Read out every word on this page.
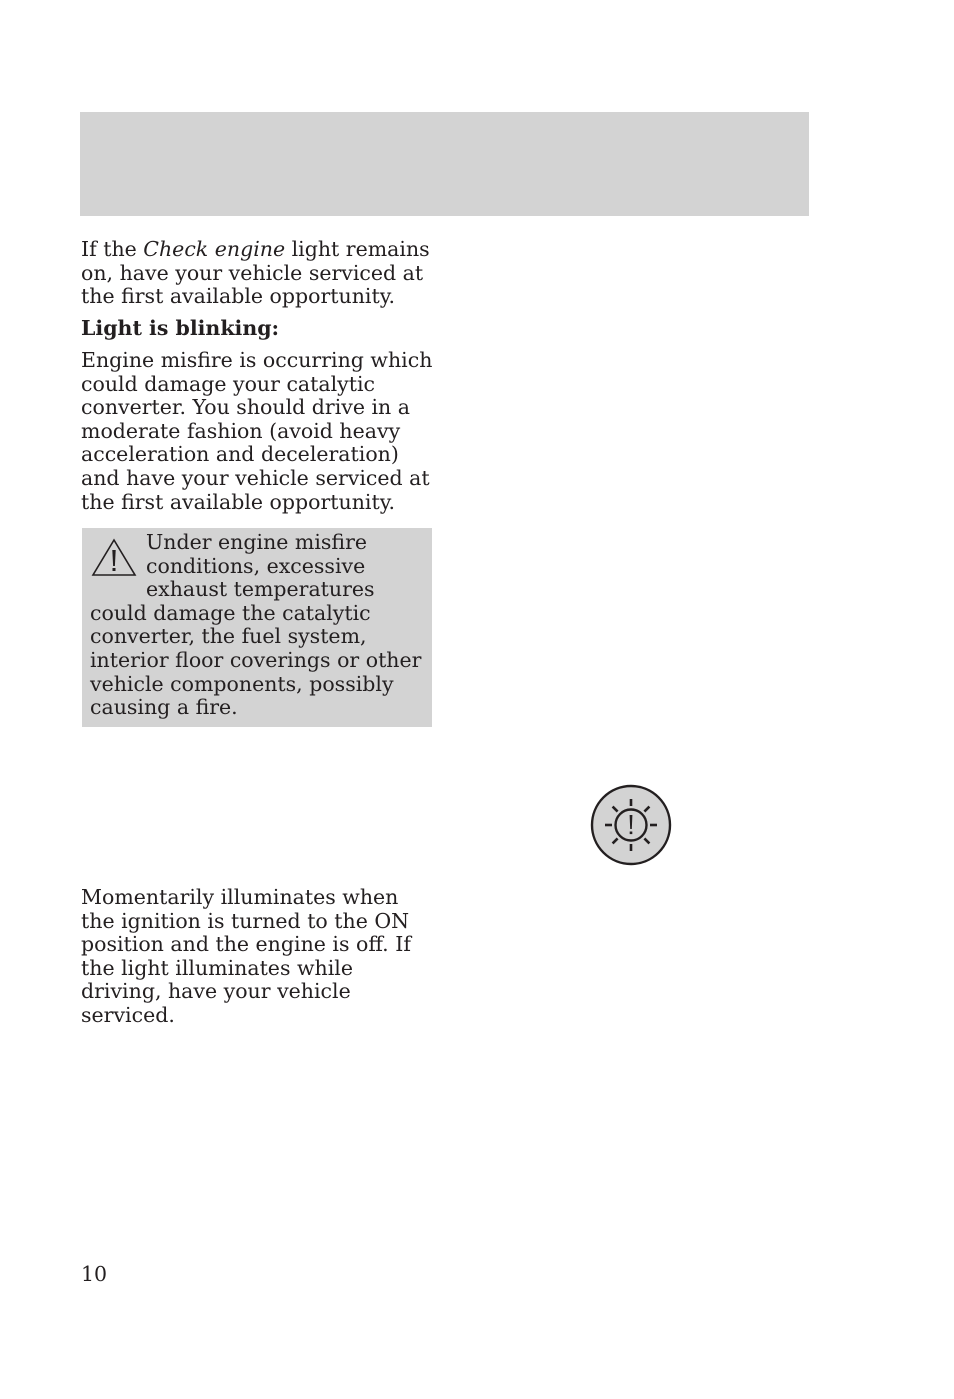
If the Check engine light remains on, have your vehicle serviced at the first available opportunity.

Light is blinking:

Engine misfire is occurring which could damage your catalytic converter. You should drive in a moderate fashion (avoid heavy acceleration and deceleration) and have your vehicle serviced at the first available opportunity.

Under engine misfire conditions, excessive exhaust temperatures could damage the catalytic converter, the fuel system, interior floor coverings or other vehicle components, possibly causing a fire.

Momentarily illuminates when the ignition is turned to the ON position and the engine is off. If the light illuminates while driving, have your vehicle serviced.

10
